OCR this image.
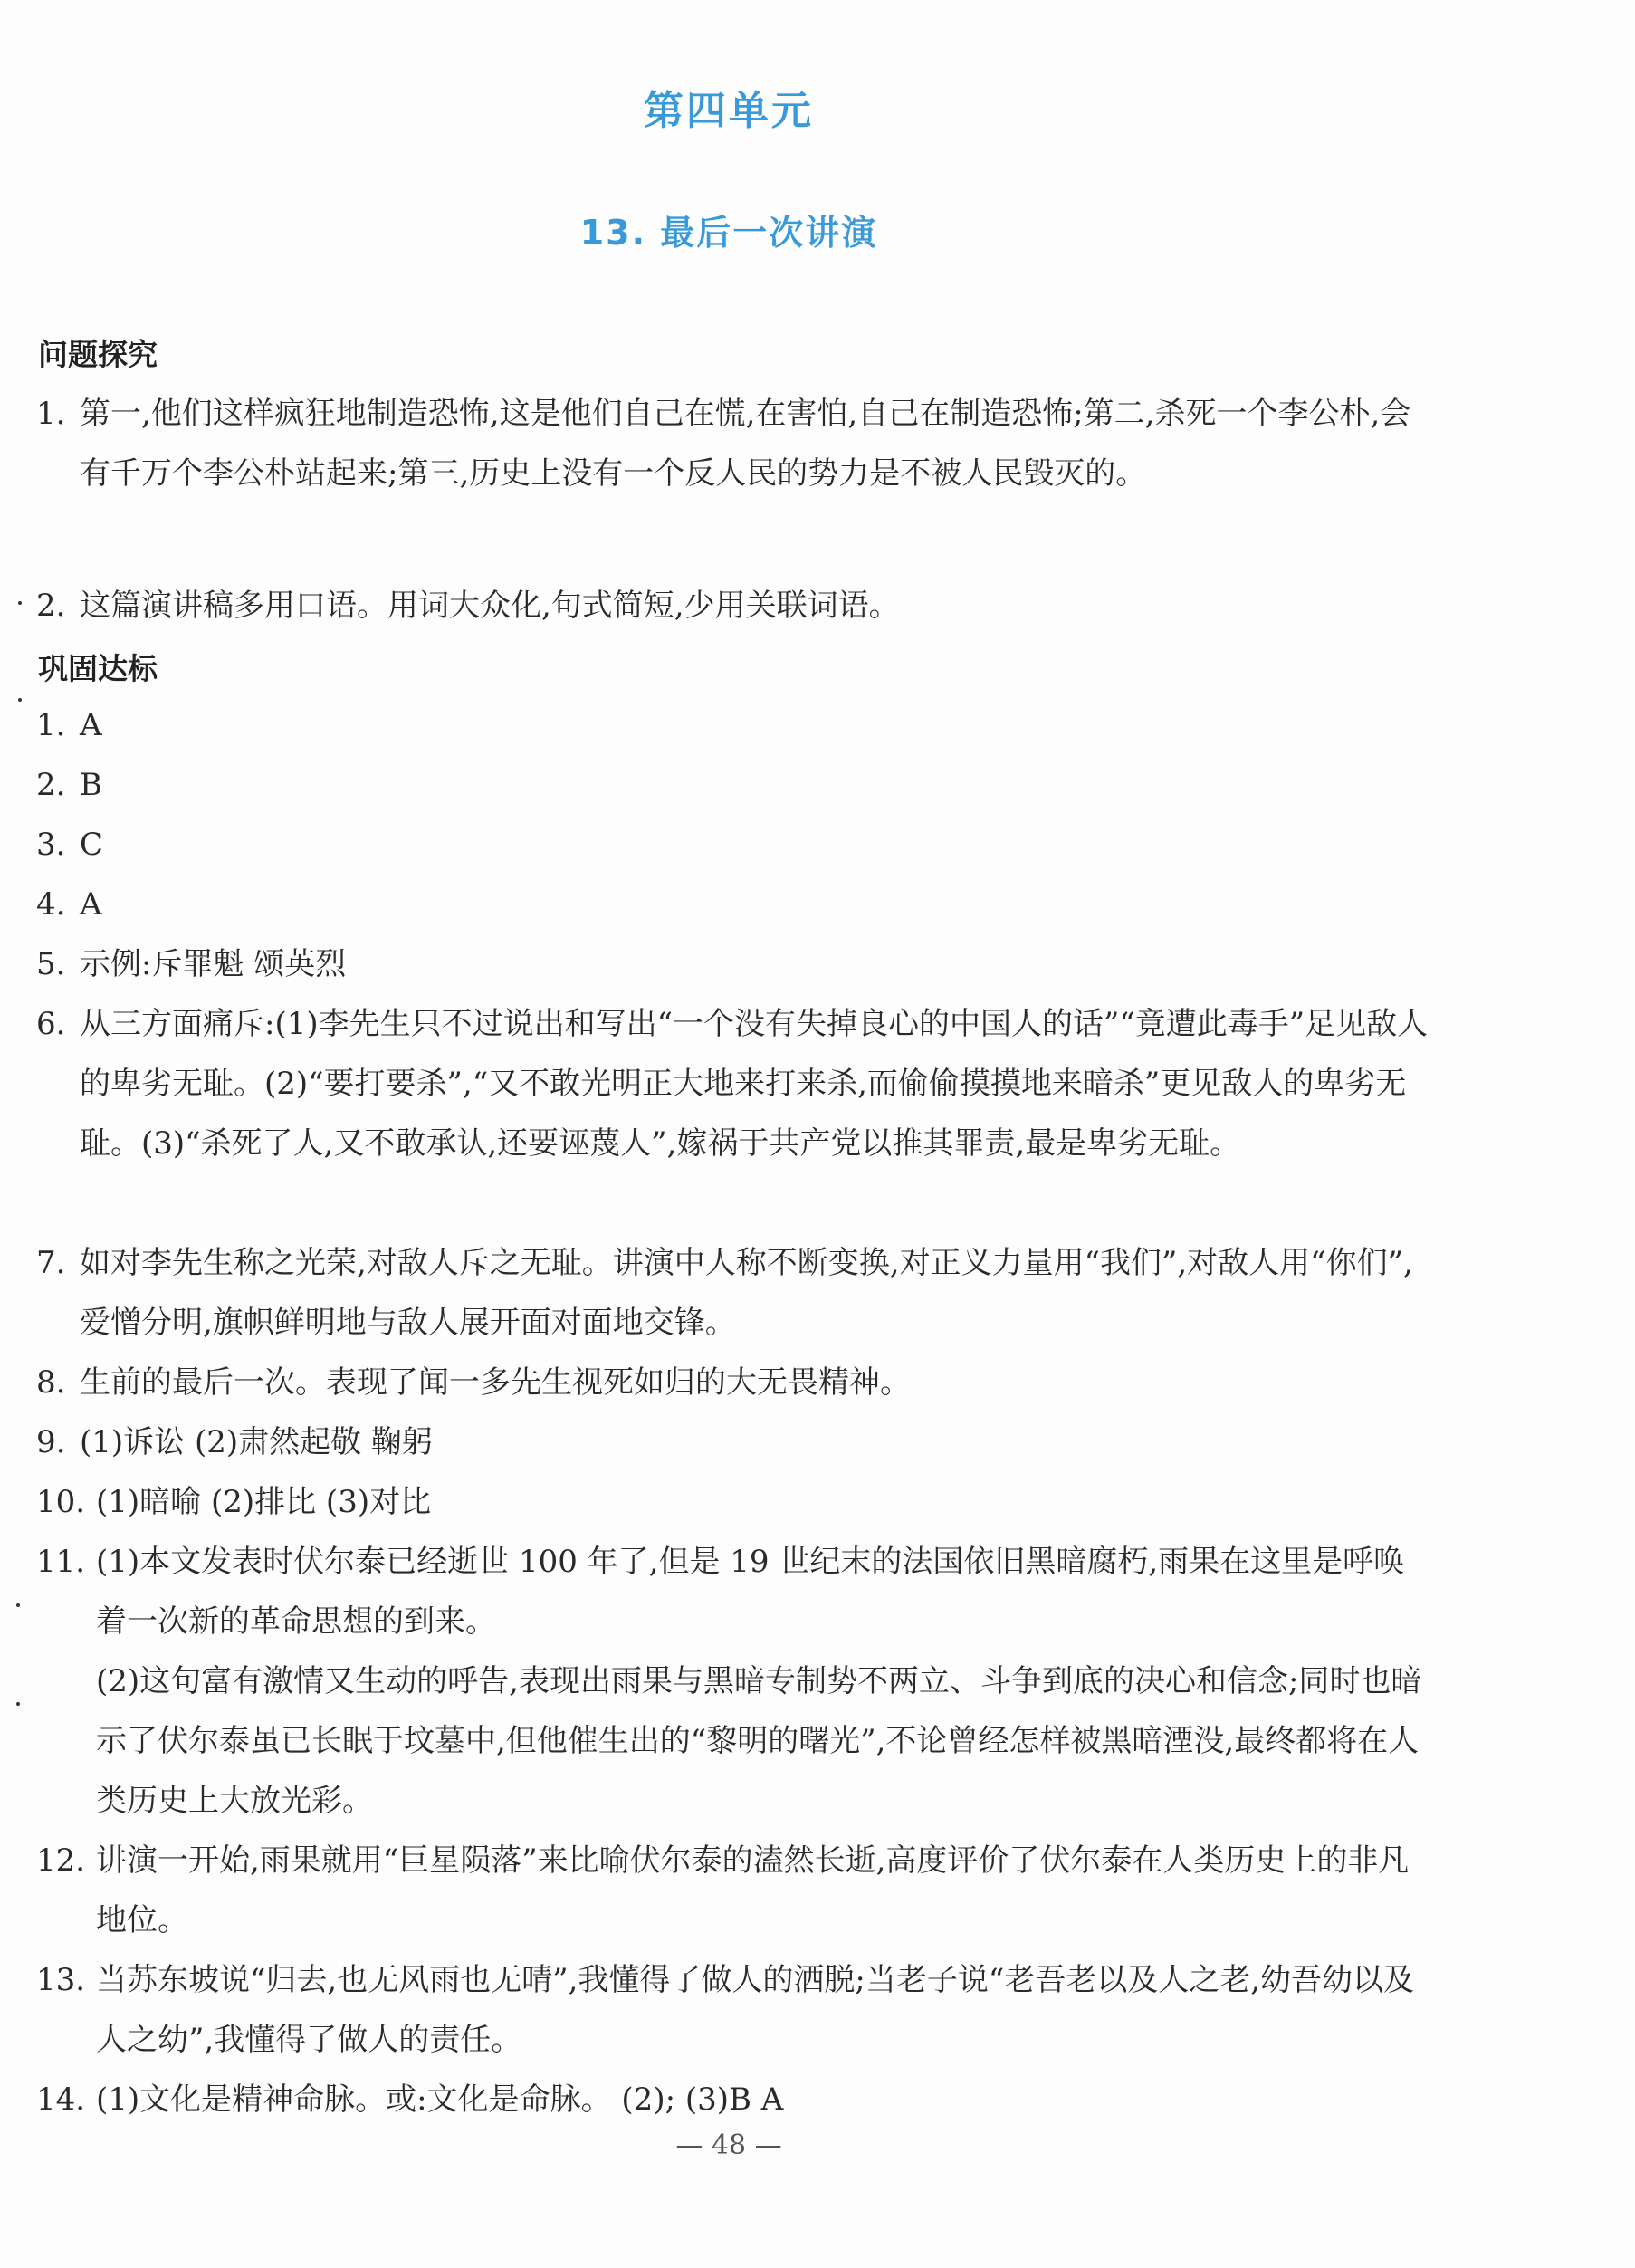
第四单元
13. 最后一次讲演
问题探究
1. 第一,他们这样疯狂地制造恐怖,这是他们自己在慌,在害怕,自己在制造恐怖;第二,杀死一个李公朴,会有千万个李公朴站起来;第三,历史上没有一个反人民的势力是不被人民毁灭的。
2. 这篇演讲稿多用口语。用词大众化,句式简短,少用关联词语。
巩固达标
1. A
2. B
3. C
4. A
5. 示例:斥罪魁 颂英烈
6. 从三方面痛斥:(1)李先生只不过说出和写出“一个没有失掉良心的中国人的话”“竟遭此毒手”足见敌人的卑劣无耻。(2)“要打要杀”,“又不敢光明正大地来打来杀,而偷偷摸摸地来暗杀”更见敌人的卑劣无耻。(3)“杀死了人,又不敢承认,还要诬蔑人”,嫁祸于共产党以推其罪责,最是卑劣无耻。
7. 如对李先生称之光荣,对敌人斥之无耻。讲演中人称不断变换,对正义力量用“我们”,对敌人用“你们”,爱憎分明,旗帜鲜明地与敌人展开面对面地交锋。
8. 生前的最后一次。表现了闻一多先生视死如归的大无畏精神。
9. (1)诉讼 (2)肃然起敬 鞠躬
10. (1)暗喻 (2)排比 (3)对比
11. (1)本文发表时伏尔泰已经逝世 100 年了,但是 19 世纪末的法国依旧黑暗腐朽,雨果在这里是呼唤着一次新的革命思想的到来。
(2)这句富有激情又生动的呼告,表现出雨果与黑暗专制势不两立、斗争到底的决心和信念;同时也暗示了伏尔泰虽已长眠于坟墓中,但他催生出的“黎明的曙光”,不论曾经怎样被黑暗湮没,最终都将在人类历史上大放光彩。
12. 讲演一开始,雨果就用“巨星陨落”来比喻伏尔泰的溘然长逝,高度评价了伏尔泰在人类历史上的非凡地位。
13. 当苏东坡说“归去,也无风雨也无晴”,我懂得了做人的洒脱;当老子说“老吾老以及人之老,幼吾幼以及人之幼”,我懂得了做人的责任。
14. (1)文化是精神命脉。或:文化是命脉。 (2); (3)B A
— 48 —
